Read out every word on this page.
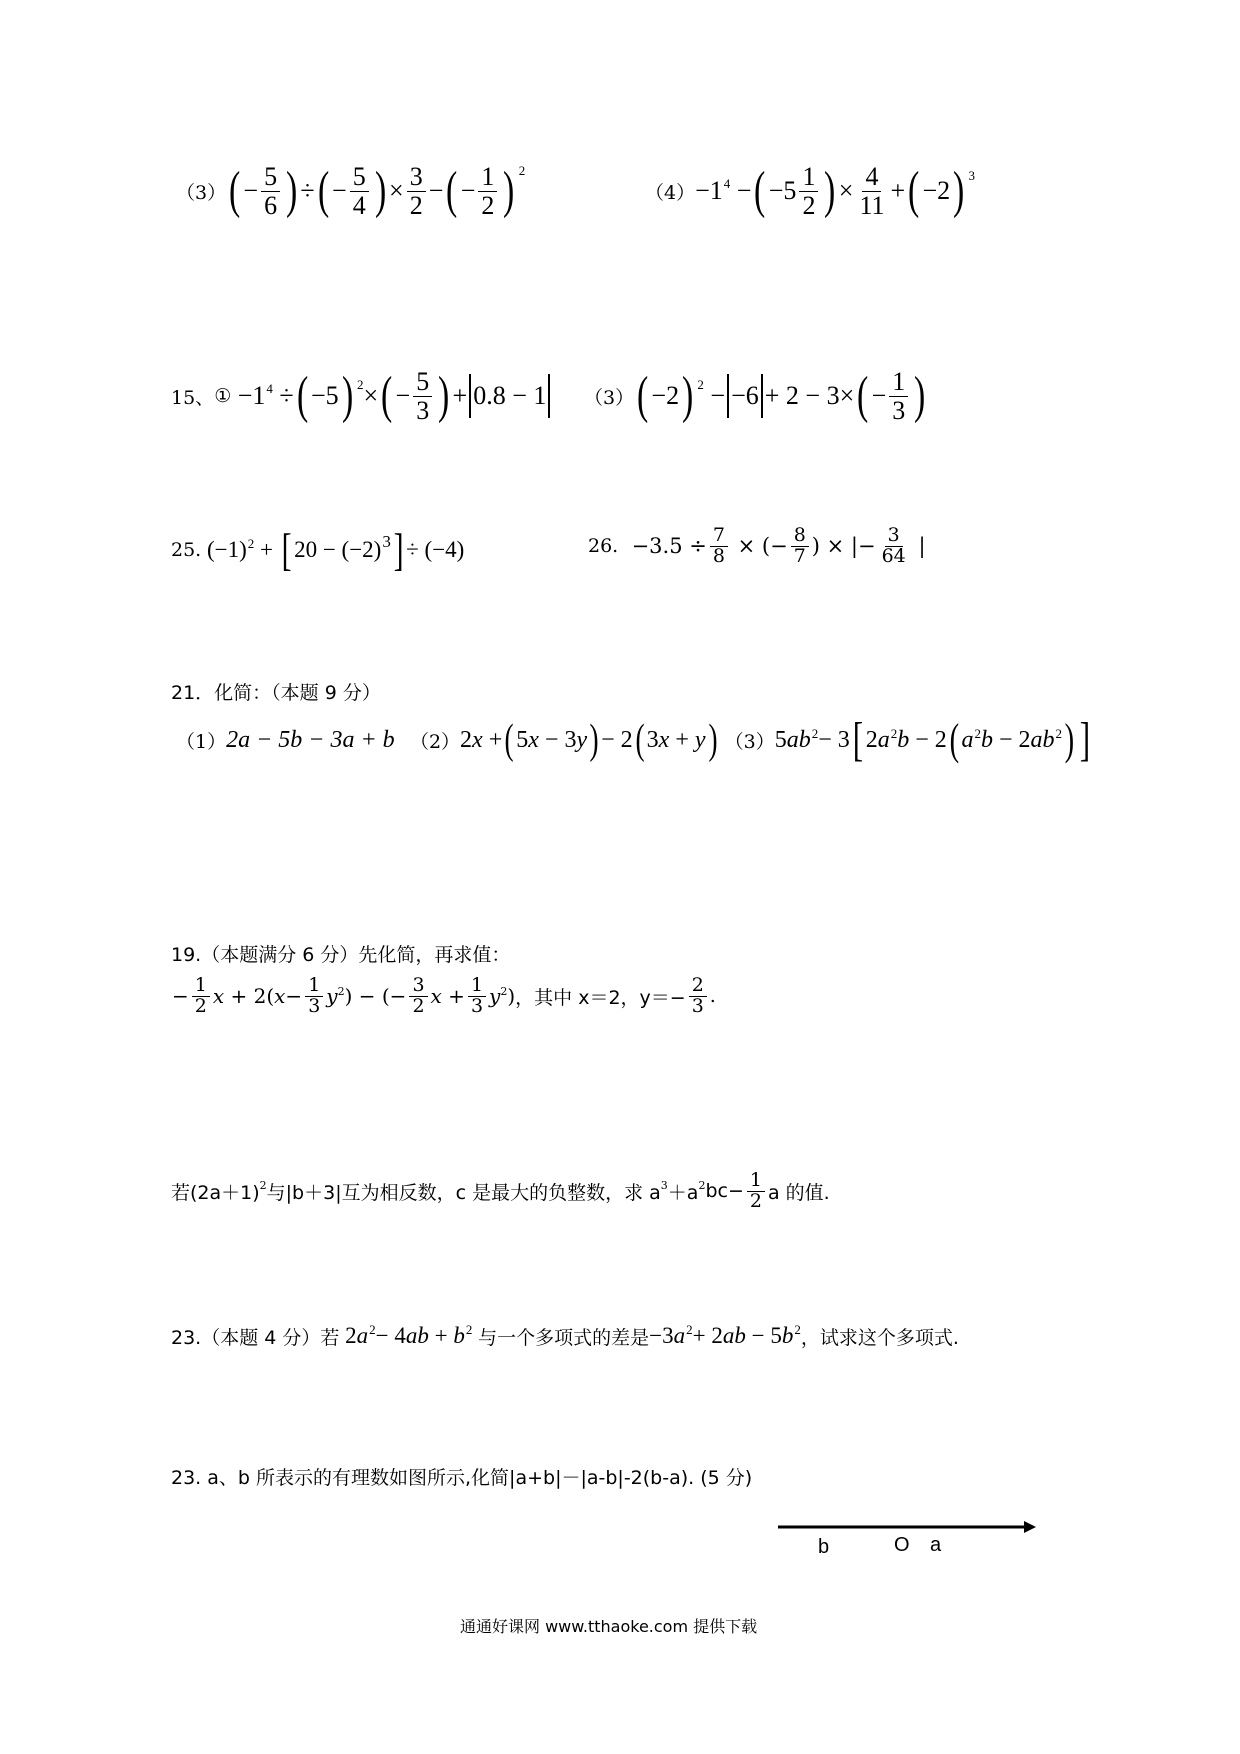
（3） ( − $\frac{5}{6}$ ) ÷ ( − $\frac{5}{4}$ ) × $\frac{3}{2}$ − ( − $\frac{1}{2}$ ) 2
（4） −1 4 − ( $-5 \frac{1}{2}$ ) × $\frac{4}{11}$ + ( −2 ) 3
15、 ① −1 4 ÷ ( −5 ) 2 × ( − $\frac{5}{3}$ ) + 0.8 − 1 （3） ( −2 ) 2 − −6 + 2 − 3× ( − $\frac{1}{3}$ )
25. (−1) 2 + [ 20 − (−2) 3 ] ÷ (−4)	26.
$-3.5 \div \frac{7}{8}$
× (− $\frac{8}{7}$ ) × |− $\frac{3}{64}$
|
21．化简：（本题 9 分）
（1） 2a − 5b − 3a + b
（2） 2x + ( 5x − 3y ) − 2 ( 3x + y )
（3） 5ab 2 − 3 [ 2a 2 b − 2 ( a 2 b − 2ab 2 ) ]
19.（本题满分 6 分）先化简，再求值：
− $\frac{1}{2}$ $x + 2(x- \frac{1}{3}$ y 2 ) − (− $\frac{3}{2}$ $x + \frac{1}{3}$ y 2 ) ，其中 x＝2，$y=- \frac{2}{3}$ .
若(2a＋1) 2 与|b＋3|互为相反数，c 是最大的负整数，求 a 3 ＋a 2 $bc- \frac{1}{2}$ a 的值.
23.（本题 4 分）若 2a 2 − 4ab + b 2
与一个多项式的差是 −3a 2 + 2ab − 5b 2 ，试求这个多项式.
23. a、b 所表示的有理数如图所示,化简|a+b|－|a-b|-2(b-a). (5 分)
b	O a
通通好课网 www.tthaoke.com 提供下载
